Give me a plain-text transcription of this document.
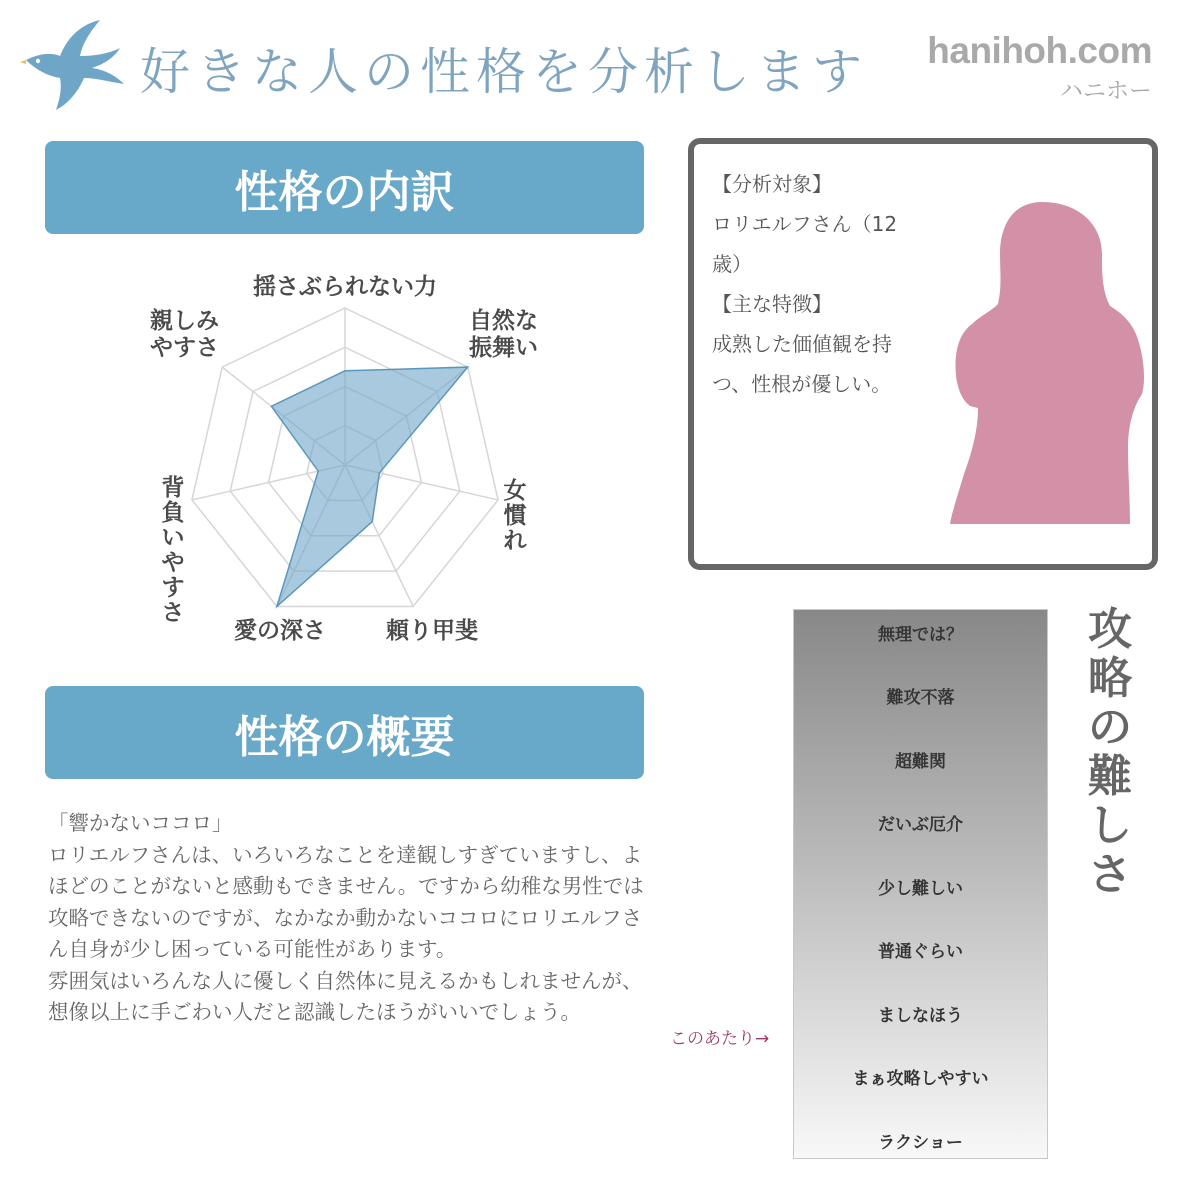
好きな人の性格を分析します hanihoh.com
ハニホー
性格の内訳
性格の概要
揺さぶられない力
自然な振舞い
女慣れ
頼り甲斐
愛の深さ
背負いやすさ
親しみやすさ

「響かないココロ」

ロリエルフさんは、いろいろなことを達観しすぎていますし、よほどのことがないと感動もできません。ですから幼稚な男性では攻略できないのですが、なかなか動かないココロにロリエルフさん自身が少し困っている可能性があります。

雰囲気はいろんな人に優しく自然体に見えるかもしれませんが、想像以上に手ごわい人だと認識したほうがいいでしょう。

【分析対象】

ロリエルフさん（12歳）

【主な特徴】

成熟した価値観を持つ、性根が優しい。

無理では？
難攻不落
超難関
だいぶ厄介
少し難しい
普通ぐらい
ましなほう
まぁ攻略しやすい
ラクショー
攻
略
の
難
し
さ
このあたり→
